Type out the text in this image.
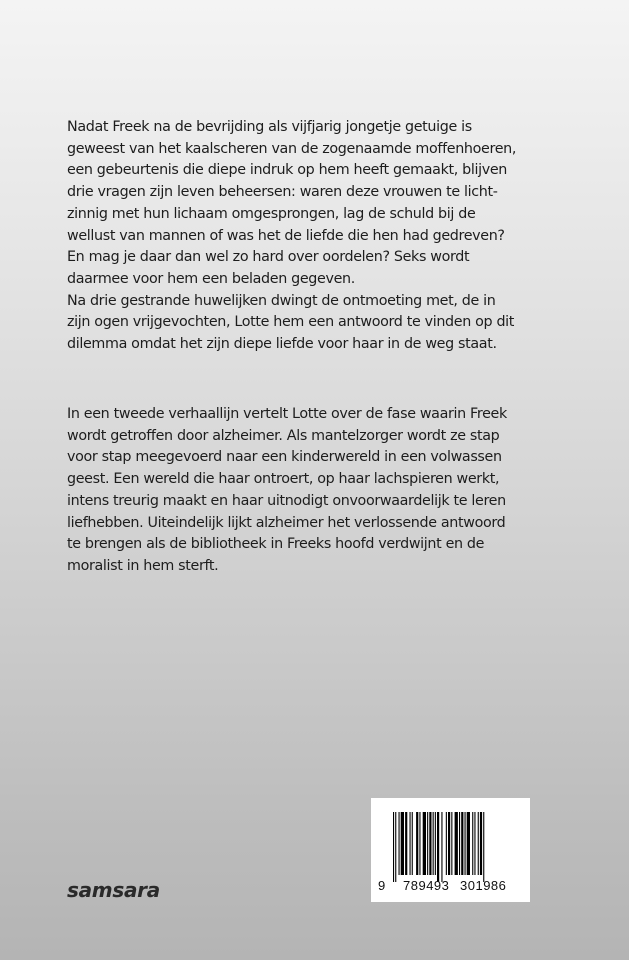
Nadat Freek na de bevrijding als vijfjarig jongetje getuige is
geweest van het kaalscheren van de zogenaamde moffenhoeren,
een gebeurtenis die diepe indruk op hem heeft gemaakt, blijven
drie vragen zijn leven beheersen: waren deze vrouwen te licht-
zinnig met hun lichaam omgesprongen, lag de schuld bij de
wellust van mannen of was het de liefde die hen had gedreven?
En mag je daar dan wel zo hard over oordelen? Seks wordt
daarmee voor hem een beladen gegeven.
Na drie gestrande huwelijken dwingt de ontmoeting met, de in
zijn ogen vrijgevochten, Lotte hem een antwoord te vinden op dit
dilemma omdat het zijn diepe liefde voor haar in de weg staat.
In een tweede verhaallijn vertelt Lotte over de fase waarin Freek
wordt getroffen door alzheimer. Als mantelzorger wordt ze stap
voor stap meegevoerd naar een kinderwereld in een volwassen
geest. Een wereld die haar ontroert, op haar lachspieren werkt,
intens treurig maakt en haar uitnodigt onvoorwaardelijk te leren
liefhebben. Uiteindelijk lijkt alzheimer het verlossende antwoord
te brengen als de bibliotheek in Freeks hoofd verdwijnt en de
moralist in hem sterft.
samsara	9 789493 301986
